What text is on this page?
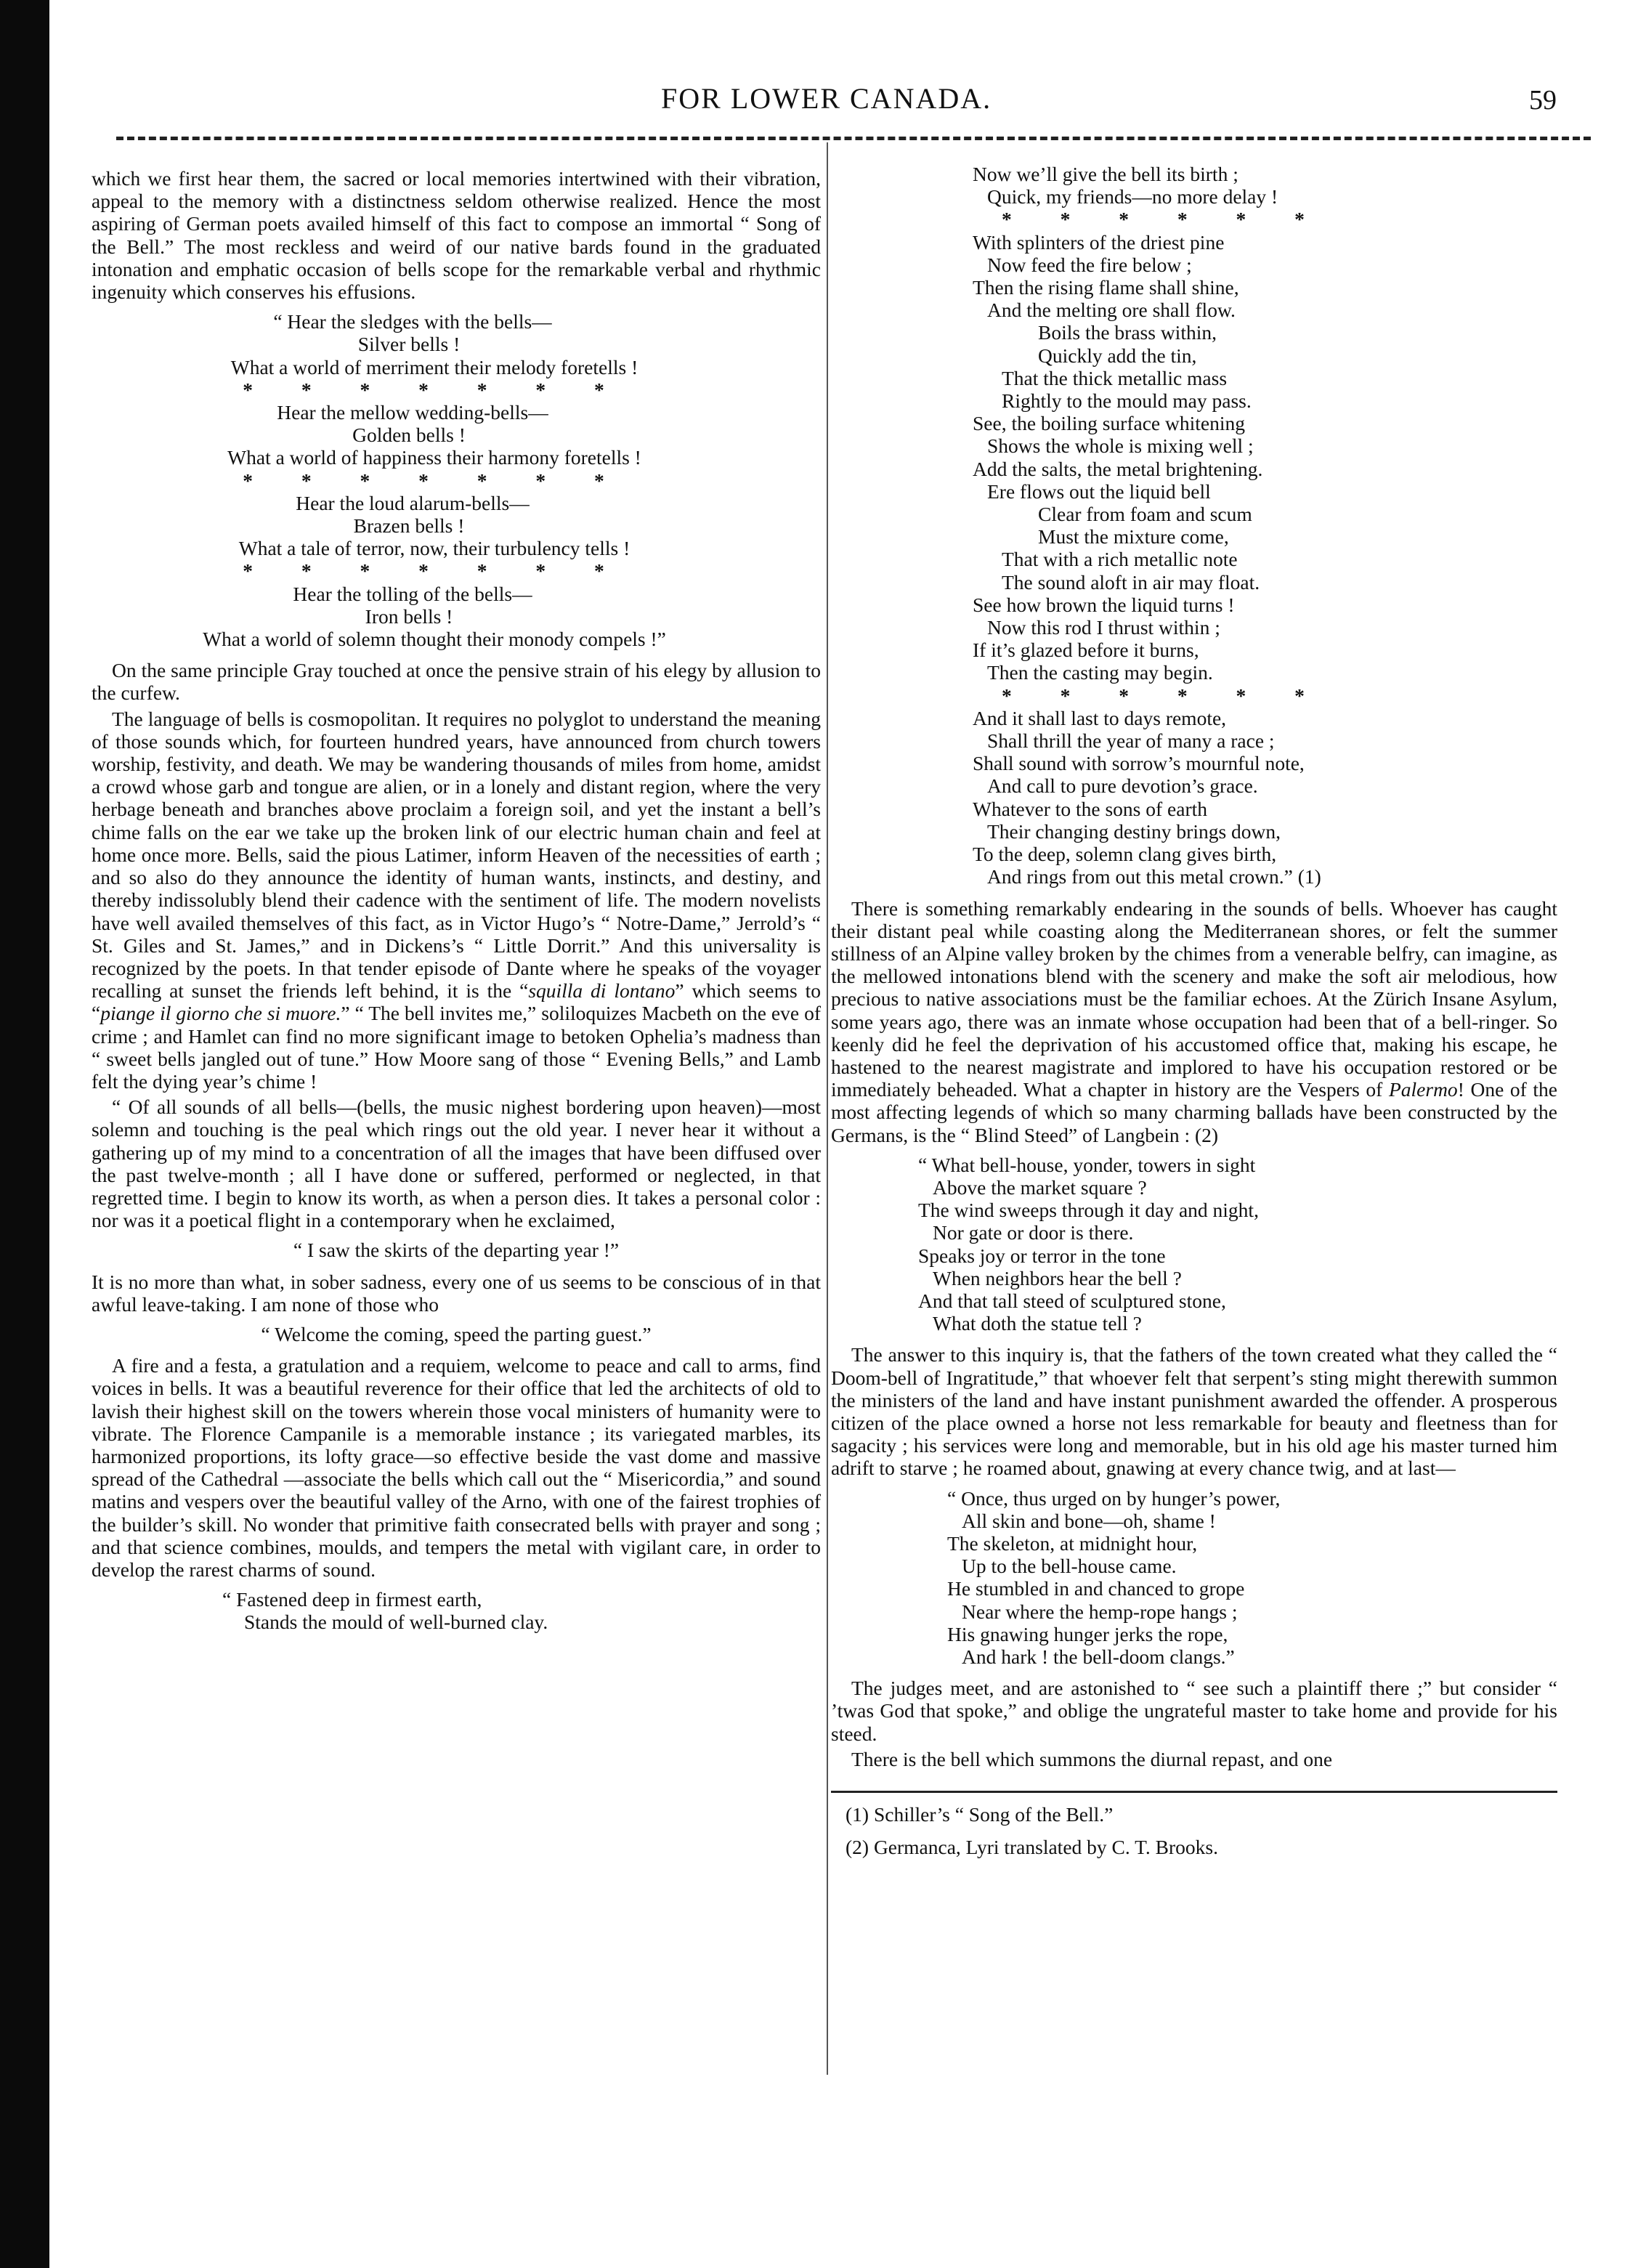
FOR LOWER CANADA.	59

which we first hear them, the sacred or local memories intertwined with their vibration, appeal to the memory with a distinctness seldom otherwise realized. Hence the most aspiring of German poets availed himself of this fact to compose an immortal “ Song of the Bell.” The most reckless and weird of our native bards found in the graduated intonation and emphatic occasion of bells scope for the remarkable verbal and rhythmic ingenuity which conserves his effusions.

“ Hear the sledges with the bells—
Silver bells !
What a world of merriment their melody foretells !
* * * * * * *
Hear the mellow wedding-bells—
Golden bells !
What a world of happiness their harmony foretells !
* * * * * * *
Hear the loud alarum-bells—
Brazen bells !
What a tale of terror, now, their turbulency tells !
* * * * * * *
Hear the tolling of the bells—
Iron bells !
What a world of solemn thought their monody compels !”

On the same principle Gray touched at once the pensive strain of his elegy by allusion to the curfew.

The language of bells is cosmopolitan. It requires no polyglot to understand the meaning of those sounds which, for fourteen hundred years, have announced from church towers worship, festivity, and death. We may be wandering thousands of miles from home, amidst a crowd whose garb and tongue are alien, or in a lonely and distant region, where the very herbage beneath and branches above proclaim a foreign soil, and yet the instant a bell’s chime falls on the ear we take up the broken link of our electric human chain and feel at home once more. Bells, said the pious Latimer, inform Heaven of the necessities of earth ; and so also do they announce the identity of human wants, instincts, and destiny, and thereby indissolubly blend their cadence with the sentiment of life. The modern novelists have well availed themselves of this fact, as in Victor Hugo’s “ Notre-Dame,” Jerrold’s “ St. Giles and St. James,” and in Dickens’s “ Little Dorrit.” And this universality is recognized by the poets. In that tender episode of Dante where he speaks of the voyager recalling at sunset the friends left behind, it is the “squilla di lontano” which seems to “piange il giorno che si muore.” “ The bell invites me,” soliloquizes Macbeth on the eve of crime ; and Hamlet can find no more significant image to betoken Ophelia’s madness than “ sweet bells jangled out of tune.” How Moore sang of those “ Evening Bells,” and Lamb felt the dying year’s chime !

“ Of all sounds of all bells—(bells, the music nighest bordering upon heaven)—most solemn and touching is the peal which rings out the old year. I never hear it without a gathering up of my mind to a concentration of all the images that have been diffused over the past twelve-month ; all I have done or suffered, performed or neglected, in that regretted time. I begin to know its worth, as when a person dies. It takes a personal color : nor was it a poetical flight in a contemporary when he exclaimed,

“ I saw the skirts of the departing year !”

It is no more than what, in sober sadness, every one of us seems to be conscious of in that awful leave-taking. I am none of those who

“ Welcome the coming, speed the parting guest.”

A fire and a festa, a gratulation and a requiem, welcome to peace and call to arms, find voices in bells. It was a beautiful reverence for their office that led the architects of old to lavish their highest skill on the towers wherein those vocal ministers of humanity were to vibrate. The Florence Campanile is a memorable instance ; its variegated marbles, its harmonized proportions, its lofty grace—so effective beside the vast dome and massive spread of the Cathedral —associate the bells which call out the “ Misericordia,” and sound matins and vespers over the beautiful valley of the Arno, with one of the fairest trophies of the builder’s skill. No wonder that primitive faith consecrated bells with prayer and song ; and that science combines, moulds, and tempers the metal with vigilant care, in order to develop the rarest charms of sound.

“ Fastened deep in firmest earth,
Stands the mould of well-burned clay.
Now we’ll give the bell its birth ;
Quick, my friends—no more delay !
* * * * * *
With splinters of the driest pine
Now feed the fire below ;
Then the rising flame shall shine,
And the melting ore shall flow.
Boils the brass within,
Quickly add the tin,
That the thick metallic mass
Rightly to the mould may pass.
See, the boiling surface whitening
Shows the whole is mixing well ;
Add the salts, the metal brightening.
Ere flows out the liquid bell
Clear from foam and scum
Must the mixture come,
That with a rich metallic note
The sound aloft in air may float.
See how brown the liquid turns !
Now this rod I thrust within ;
If it’s glazed before it burns,
Then the casting may begin.
* * * * * *
And it shall last to days remote,
Shall thrill the year of many a race ;
Shall sound with sorrow’s mournful note,
And call to pure devotion’s grace.
Whatever to the sons of earth
Their changing destiny brings down,
To the deep, solemn clang gives birth,
And rings from out this metal crown.” (1)

There is something remarkably endearing in the sounds of bells. Whoever has caught their distant peal while coasting along the Mediterranean shores, or felt the summer stillness of an Alpine valley broken by the chimes from a venerable belfry, can imagine, as the mellowed intonations blend with the scenery and make the soft air melodious, how precious to native associations must be the familiar echoes. At the Zürich Insane Asylum, some years ago, there was an inmate whose occupation had been that of a bell-ringer. So keenly did he feel the deprivation of his accustomed office that, making his escape, he hastened to the nearest magistrate and implored to have his occupation restored or be immediately beheaded. What a chapter in history are the Vespers of Palermo! One of the most affecting legends of which so many charming ballads have been constructed by the Germans, is the “ Blind Steed” of Langbein : (2)

“ What bell-house, yonder, towers in sight
Above the market square ?
The wind sweeps through it day and night,
Nor gate or door is there.
Speaks joy or terror in the tone
When neighbors hear the bell ?
And that tall steed of sculptured stone,
What doth the statue tell ?

The answer to this inquiry is, that the fathers of the town created what they called the “ Doom-bell of Ingratitude,” that whoever felt that serpent’s sting might therewith summon the ministers of the land and have instant punishment awarded the offender. A prosperous citizen of the place owned a horse not less remarkable for beauty and fleetness than for sagacity ; his services were long and memorable, but in his old age his master turned him adrift to starve ; he roamed about, gnawing at every chance twig, and at last—

“ Once, thus urged on by hunger’s power,
All skin and bone—oh, shame !
The skeleton, at midnight hour,
Up to the bell-house came.
He stumbled in and chanced to grope
Near where the hemp-rope hangs ;
His gnawing hunger jerks the rope,
And hark ! the bell-doom clangs.”

The judges meet, and are astonished to “ see such a plaintiff there ;” but consider “ ’twas God that spoke,” and oblige the ungrateful master to take home and provide for his steed.

There is the bell which summons the diurnal repast, and one

(1) Schiller’s “ Song of the Bell.”
(2) Germanca, Lyri translated by C. T. Brooks.
